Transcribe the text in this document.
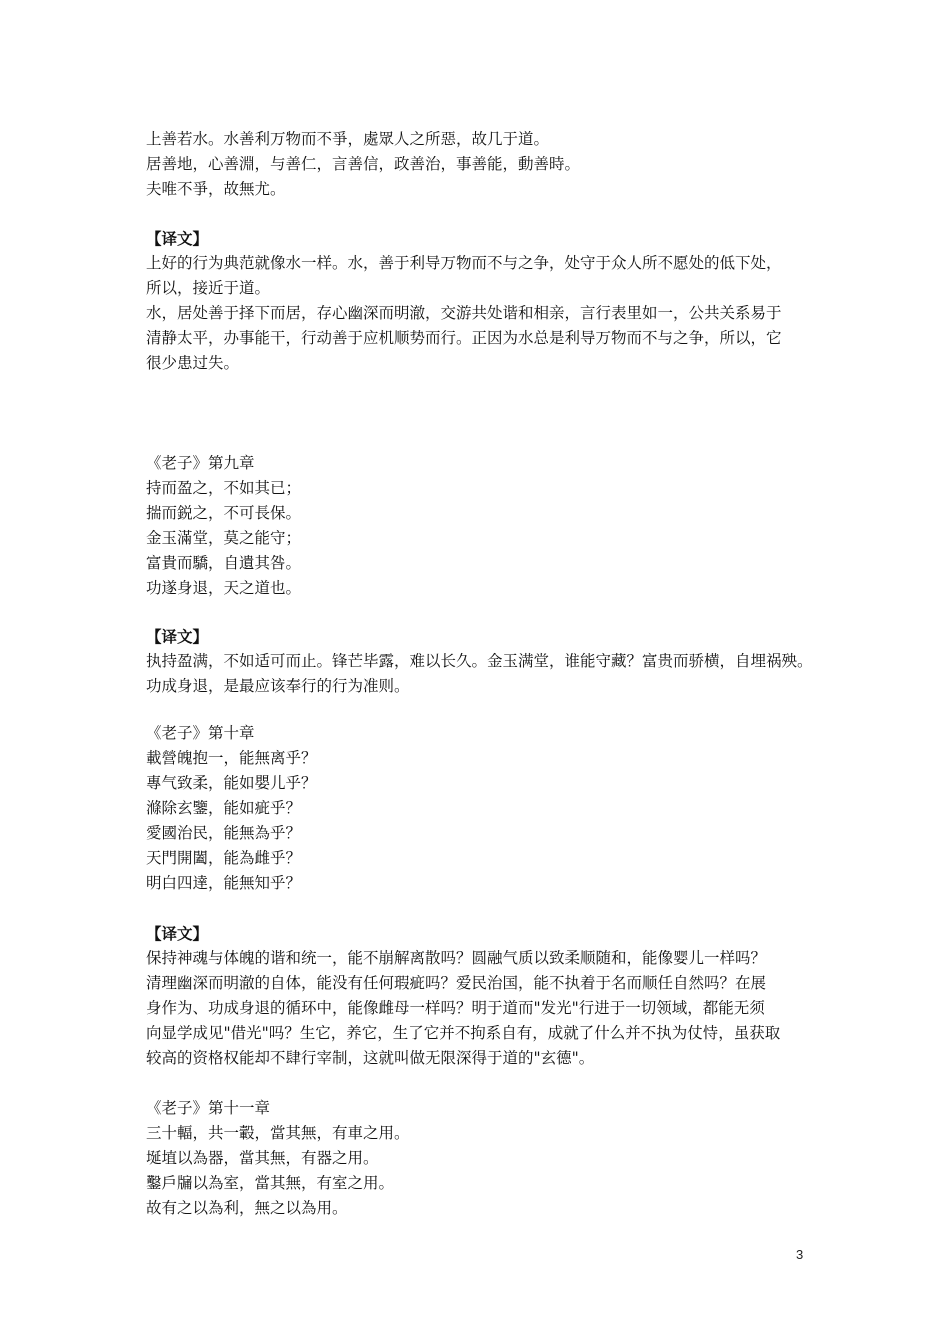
上善若水。水善利万物而不爭，處眾人之所惡，故几于道。
居善地，心善淵，与善仁，言善信，政善治，事善能，動善時。
夫唯不爭，故無尤。
【译文】
上好的行为典范就像水一样。水，善于利导万物而不与之争，处守于众人所不愿处的低下处，
所以，接近于道。
水，居处善于择下而居，存心幽深而明澈，交游共处谐和相亲，言行表里如一，公共关系易于
清静太平，办事能干，行动善于应机顺势而行。正因为水总是利导万物而不与之争，所以，它
很少患过失。
《老子》第九章
持而盈之，不如其已；
揣而鋭之，不可長保。
金玉滿堂，莫之能守；
富貴而驕，自遺其咎。
功遂身退，天之道也。
【译文】
执持盈满，不如适可而止。锋芒毕露，难以长久。金玉满堂，谁能守藏？富贵而骄横，自埋祸殃。
功成身退，是最应该奉行的行为准则。
《老子》第十章
載營魄抱一，能無离乎？
專气致柔，能如嬰儿乎？
滌除玄鑒，能如疵乎？
愛國治民，能無為乎？
天門開闔，能為雌乎？
明白四達，能無知乎？
【译文】
保持神魂与体魄的谐和统一，能不崩解离散吗？圆融气质以致柔顺随和，能像婴儿一样吗？
清理幽深而明澈的自体，能没有任何瑕疵吗？爱民治国，能不执着于名而顺任自然吗？在展
身作为、功成身退的循环中，能像雌母一样吗？明于道而"发光"行进于一切领域，都能无须
向显学成见"借光"吗？生它，养它，生了它并不拘系自有，成就了什么并不执为仗恃，虽获取
较高的资格权能却不肆行宰制，这就叫做无限深得于道的"玄德"。
《老子》第十一章
三十輻，共一轂，當其無，有車之用。
埏埴以為器，當其無，有器之用。
鑿戶牖以為室，當其無，有室之用。
故有之以為利，無之以為用。
3
